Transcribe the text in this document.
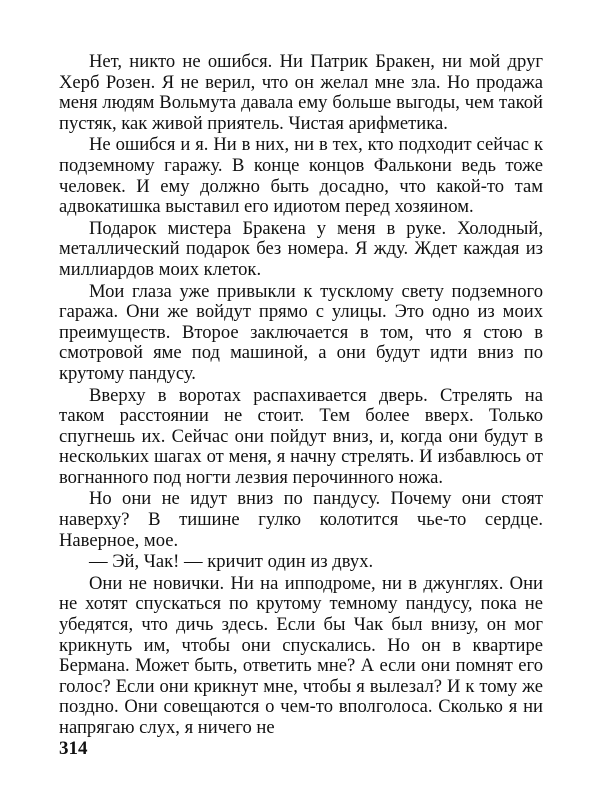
Нет, никто не ошибся. Ни Патрик Бракен, ни мой друг Херб Розен. Я не верил, что он желал мне зла. Но продажа меня людям Вольмута давала ему больше выгоды, чем такой пустяк, как живой приятель. Чистая арифметика.

Не ошибся и я. Ни в них, ни в тех, кто подходит сейчас к подземному гаражу. В конце концов Фалькони ведь тоже человек. И ему должно быть досадно, что какой-то там адвокатишка выставил его идиотом перед хозяином.

Подарок мистера Бракена у меня в руке. Холодный, металлический подарок без номера. Я жду. Ждет каждая из миллиардов моих клеток.

Мои глаза уже привыкли к тусклому свету подземного гаража. Они же войдут прямо с улицы. Это одно из моих преимуществ. Второе заключается в том, что я стою в смотровой яме под машиной, а они будут идти вниз по крутому пандусу.

Вверху в воротах распахивается дверь. Стрелять на таком расстоянии не стоит. Тем более вверх. Только спугнешь их. Сейчас они пойдут вниз, и, когда они будут в нескольких шагах от меня, я начну стрелять. И избавлюсь от вогнанного под ногти лезвия перочинного ножа.

Но они не идут вниз по пандусу. Почему они стоят наверху? В тишине гулко колотится чье-то сердце. Наверное, мое.

— Эй, Чак! — кричит один из двух.

Они не новички. Ни на ипподроме, ни в джунглях. Они не хотят спускаться по крутому темному пандусу, пока не убедятся, что дичь здесь. Если бы Чак был внизу, он мог крикнуть им, чтобы они спускались. Но он в квартире Бермана. Может быть, ответить мне? А если они помнят его голос? Если они крикнут мне, чтобы я вылезал? И к тому же поздно. Они совещаются о чем-то вполголоса. Сколько я ни напрягаю слух, я ничего не

314
